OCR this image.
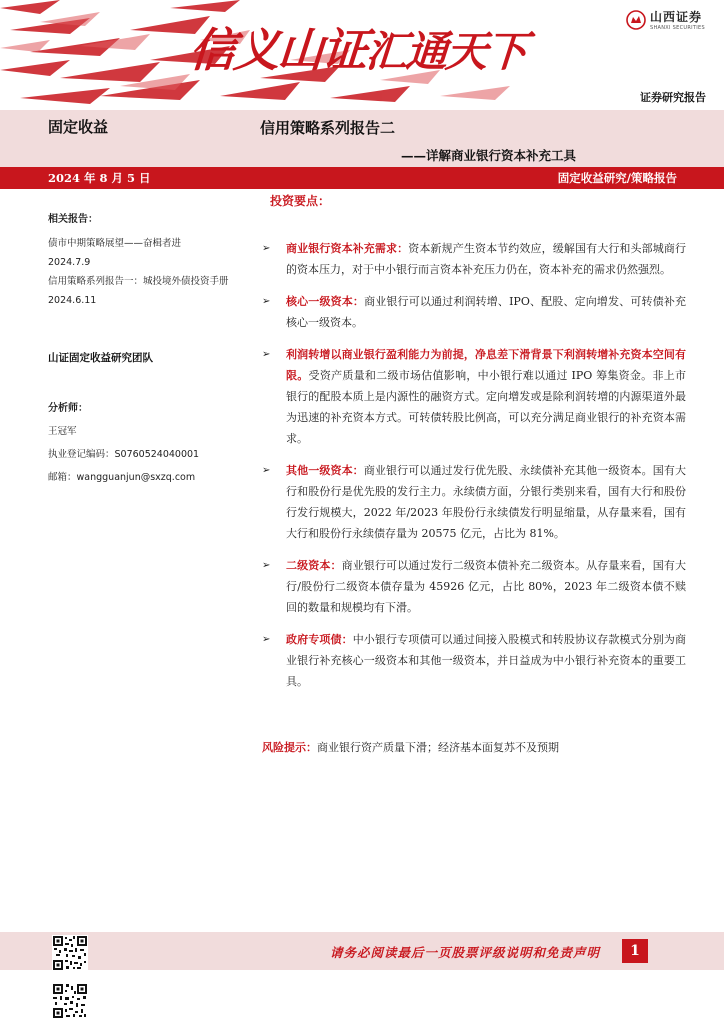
信义山证汇通天下
山西证券
SHANXI SECURITIES
证券研究报告
固定收益	信用策略系列报告二
——详解商业银行资本补充工具
2024 年 8 月 5 日	固定收益研究/策略报告
相关报告：
债市中期策略展望——奋楫者进
2024.7.9
信用策略系列报告一：城投境外债投资手册
2024.6.11
山证固定收益研究团队
分析师：
王冠军
执业登记编码：S0760524040001
邮箱：wangguanjun@sxzq.com
投资要点：
➢ 商业银行资本补充需求：资本新规产生资本节约效应，缓解国有大行和头部城商行的资本压力，对于中小银行而言资本补充压力仍在，资本补充的需求仍然强烈。
➢ 核心一级资本：商业银行可以通过利润转增、IPO、配股、定向增发、可转债补充核心一级资本。
➢ 利润转增以商业银行盈利能力为前提，净息差下滑背景下利润转增补充资本空间有限。受资产质量和二级市场估值影响，中小银行难以通过 IPO 筹集资金。非上市银行的配股本质上是内源性的融资方式。定向增发或是除利润转增的内源渠道外最为迅速的补充资本方式。可转债转股比例高，可以充分满足商业银行的补充资本需求。
➢ 其他一级资本：商业银行可以通过发行优先股、永续债补充其他一级资本。国有大行和股份行是优先股的发行主力。永续债方面，分银行类别来看，国有大行和股份行发行规模大，2022 年/2023 年股份行永续债发行明显缩量，从存量来看，国有大行和股份行永续债存量为 20575 亿元，占比为 81%。
➢ 二级资本：商业银行可以通过发行二级资本债补充二级资本。从存量来看，国有大行/股份行二级资本债存量为 45926 亿元，占比 80%，2023 年二级资本债不赎回的数量和规模均有下滑。
➢ 政府专项债：中小银行专项债可以通过间接入股模式和转股协议存款模式分别为商业银行补充核心一级资本和其他一级资本，并日益成为中小银行补充资本的重要工具。
风险提示：商业银行资产质量下滑；经济基本面复苏不及预期
请务必阅读最后一页股票评级说明和免责声明	1
